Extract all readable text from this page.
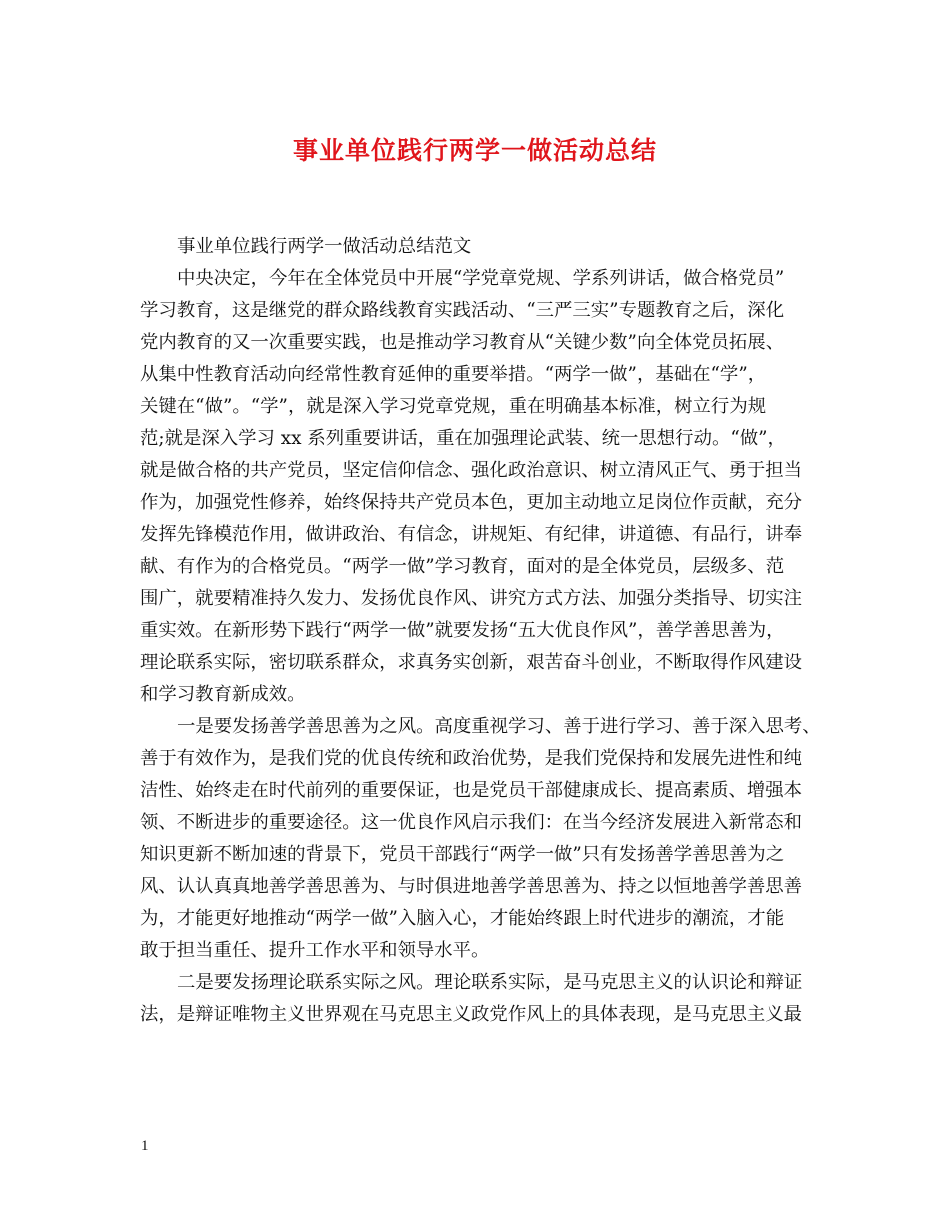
事业单位践行两学一做活动总结
事业单位践行两学一做活动总结范文
中央决定，今年在全体党员中开展“学党章党规、学系列讲话，做合格党员”
学习教育，这是继党的群众路线教育实践活动、“三严三实”专题教育之后，深化
党内教育的又一次重要实践，也是推动学习教育从“关键少数”向全体党员拓展、
从集中性教育活动向经常性教育延伸的重要举措。“两学一做”，基础在“学”，
关键在“做”。“学”，就是深入学习党章党规，重在明确基本标准，树立行为规
范;就是深入学习 xx 系列重要讲话，重在加强理论武装、统一思想行动。“做”，
就是做合格的共产党员，坚定信仰信念、强化政治意识、树立清风正气、勇于担当
作为，加强党性修养，始终保持共产党员本色，更加主动地立足岗位作贡献，充分
发挥先锋模范作用，做讲政治、有信念，讲规矩、有纪律，讲道德、有品行，讲奉
献、有作为的合格党员。“两学一做”学习教育，面对的是全体党员，层级多、范
围广，就要精准持久发力、发扬优良作风、讲究方式方法、加强分类指导、切实注
重实效。在新形势下践行“两学一做”就要发扬“五大优良作风”，善学善思善为，
理论联系实际，密切联系群众，求真务实创新，艰苦奋斗创业，不断取得作风建设
和学习教育新成效。
一是要发扬善学善思善为之风。高度重视学习、善于进行学习、善于深入思考、
善于有效作为，是我们党的优良传统和政治优势，是我们党保持和发展先进性和纯
洁性、始终走在时代前列的重要保证，也是党员干部健康成长、提高素质、增强本
领、不断进步的重要途径。这一优良作风启示我们：在当今经济发展进入新常态和
知识更新不断加速的背景下，党员干部践行“两学一做”只有发扬善学善思善为之
风、认认真真地善学善思善为、与时俱进地善学善思善为、持之以恒地善学善思善
为，才能更好地推动“两学一做”入脑入心，才能始终跟上时代进步的潮流，才能
敢于担当重任、提升工作水平和领导水平。
二是要发扬理论联系实际之风。理论联系实际，是马克思主义的认识论和辩证
法，是辩证唯物主义世界观在马克思主义政党作风上的具体表现，是马克思主义最
1
